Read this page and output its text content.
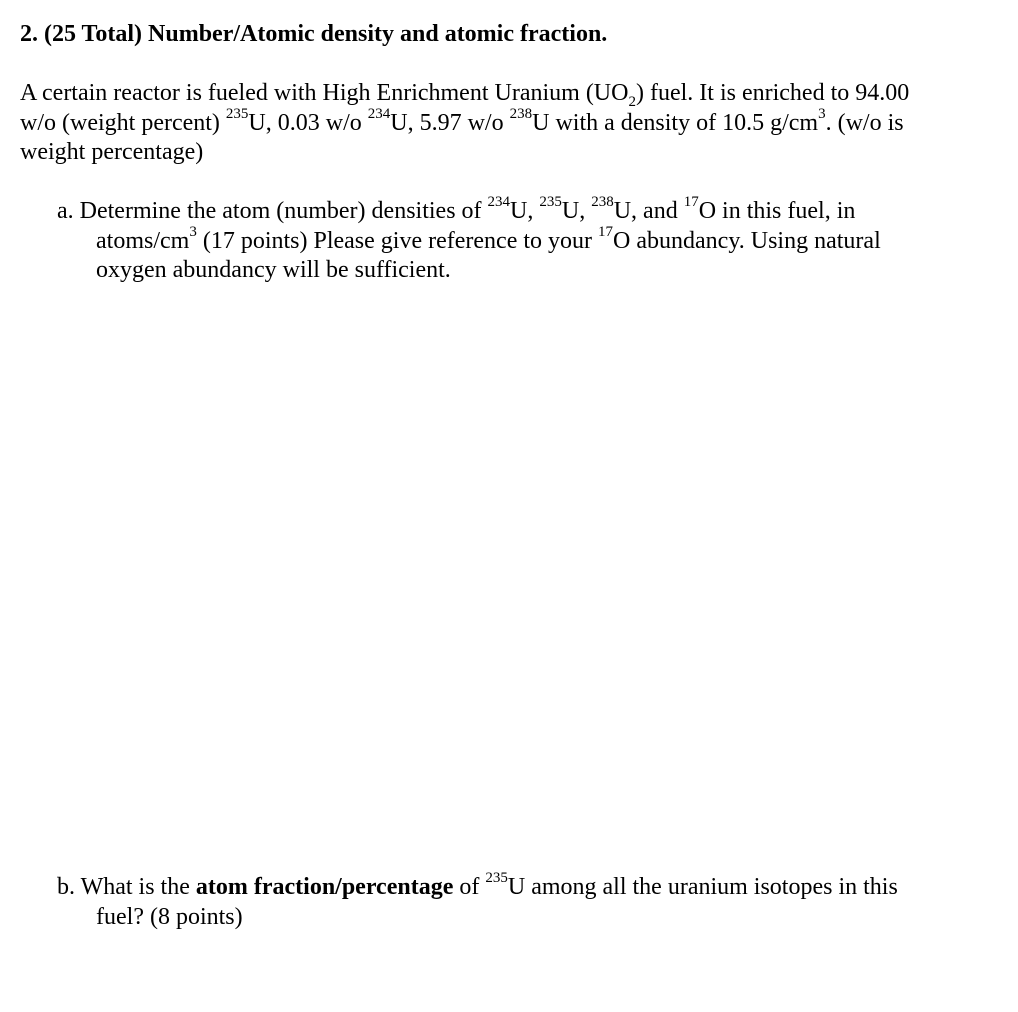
2. (25 Total) Number/Atomic density and atomic fraction.
A certain reactor is fueled with High Enrichment Uranium $(UO_2)$ fuel. It is enriched to 94.00
w/o (weight percent) $^{235}$U, 0.03 w/o $^{234}$U, 5.97 w/o $^{238}$U with a density of 10.5 $g/cm^3$. (w/o is
weight percentage)
a. Determine the atom (number) densities of $^{234}$U, $^{235}$U, $^{238}$U, and $^{17}$O in this fuel, in
atoms/$cm^3$ (17 points) Please give reference to your $^{17}$O abundancy. Using natural
oxygen abundancy will be sufficient.
b. What is the atom fraction/percentage of $^{235}$U among all the uranium isotopes in this
fuel? (8 points)
